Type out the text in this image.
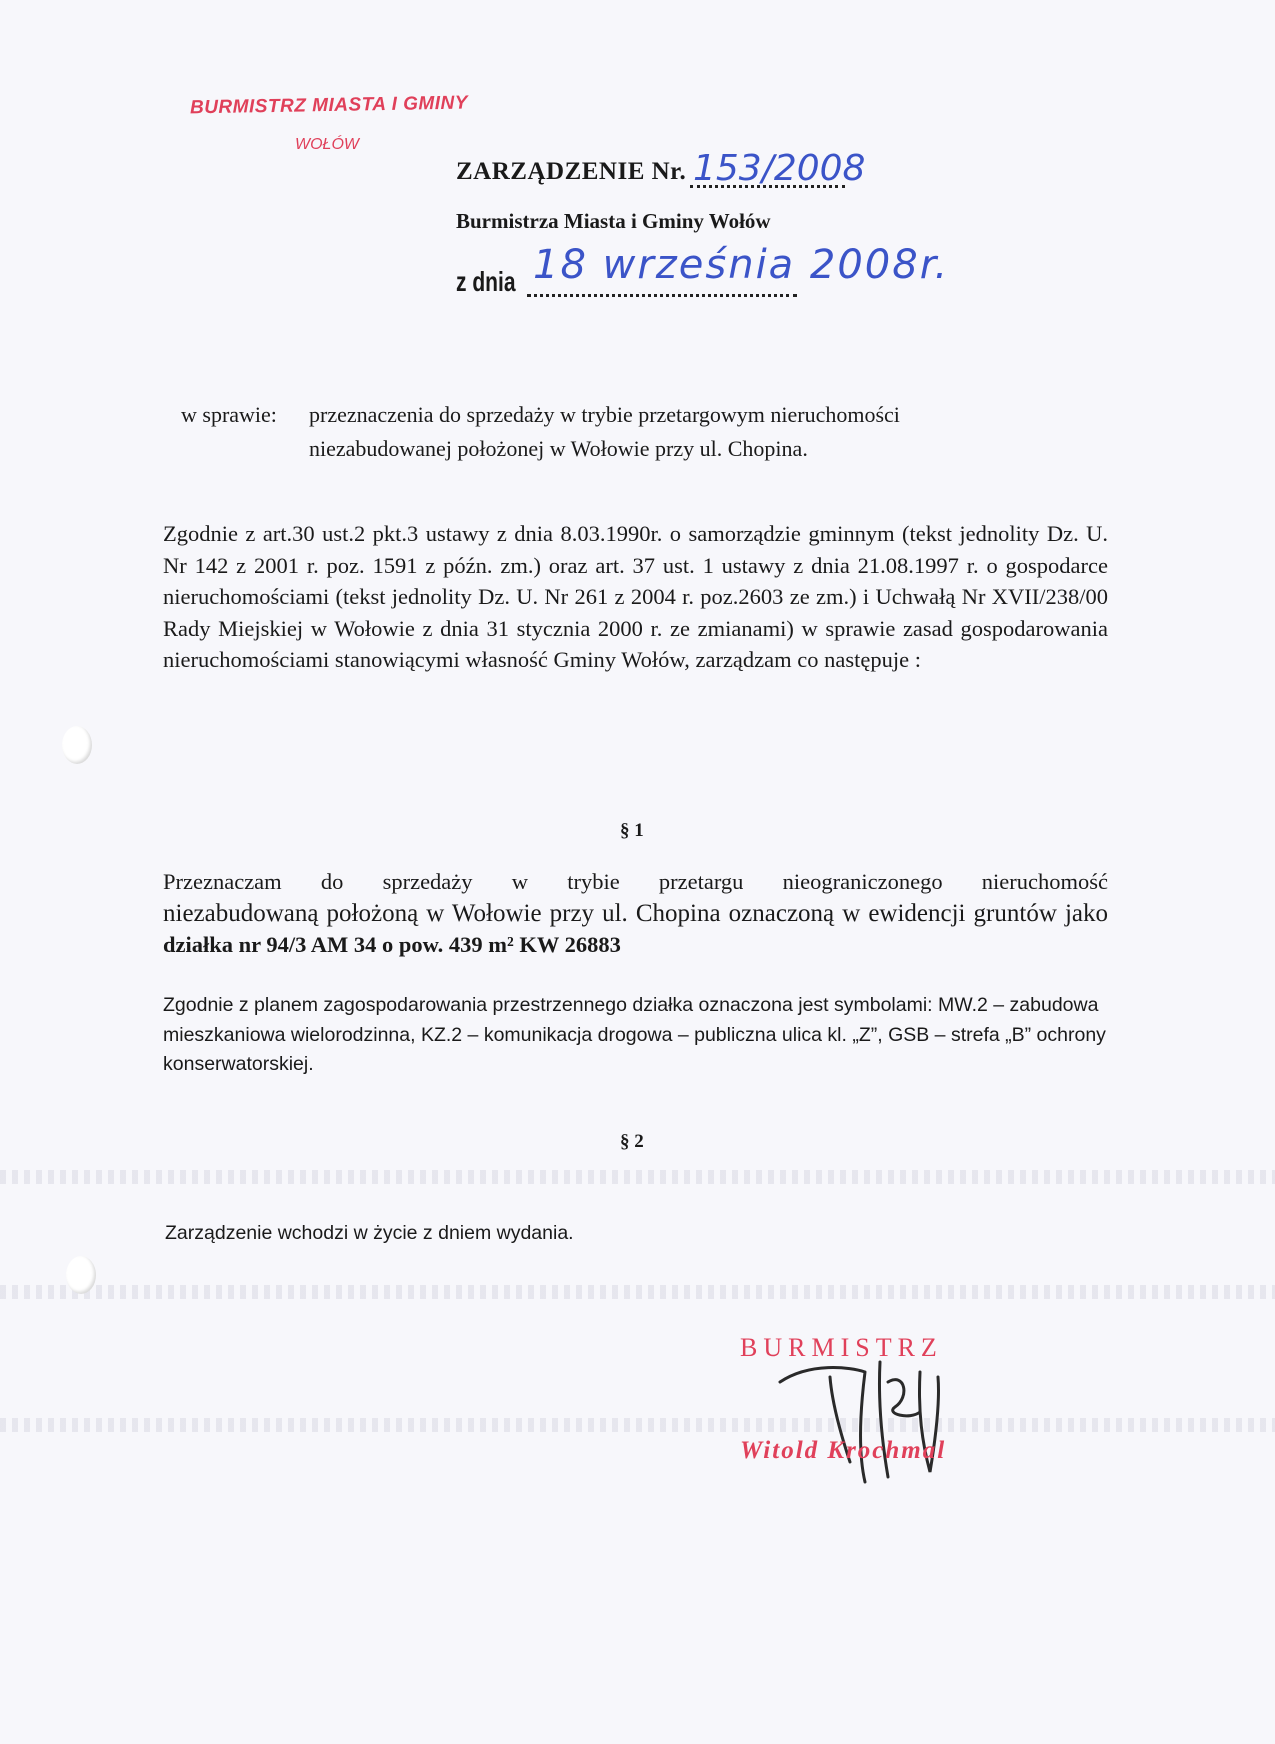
BURMISTRZ MIASTA I GMINY
WOŁÓW
ZARZĄDZENIE Nr. 153/2008
Burmistrza Miasta i Gminy Wołów
z dnia 18 września 2008r.
w sprawie: przeznaczenia do sprzedaży w trybie przetargowym nieruchomości niezabudowanej położonej w Wołowie przy ul. Chopina.
Zgodnie z art.30 ust.2 pkt.3 ustawy z dnia 8.03.1990r. o samorządzie gminnym (tekst jednolity Dz. U. Nr 142 z 2001 r. poz. 1591 z późn. zm.) oraz art. 37 ust. 1 ustawy z dnia 21.08.1997 r. o gospodarce nieruchomościami (tekst jednolity Dz. U. Nr 261 z 2004 r. poz.2603 ze zm.) i Uchwałą Nr XVII/238/00 Rady Miejskiej w Wołowie z dnia 31 stycznia 2000 r. ze zmianami) w sprawie zasad gospodarowania nieruchomościami stanowiącymi własność Gminy Wołów, zarządzam co następuje :
§ 1
Przeznaczam do sprzedaży w trybie przetargu nieograniczonego nieruchomość
niezabudowaną położoną w Wołowie przy ul. Chopina oznaczoną w ewidencji gruntów jako
działka nr 94/3 AM 34 o pow. 439 m² KW 26883
Zgodnie z planem zagospodarowania przestrzennego działka oznaczona jest symbolami: MW.2 – zabudowa mieszkaniowa wielorodzinna, KZ.2 – komunikacja drogowa – publiczna ulica kl. „Z”, GSB – strefa „B” ochrony konserwatorskiej.
§ 2
Zarządzenie wchodzi w życie z dniem wydania.
BURMISTRZ
Witold Krochmal
